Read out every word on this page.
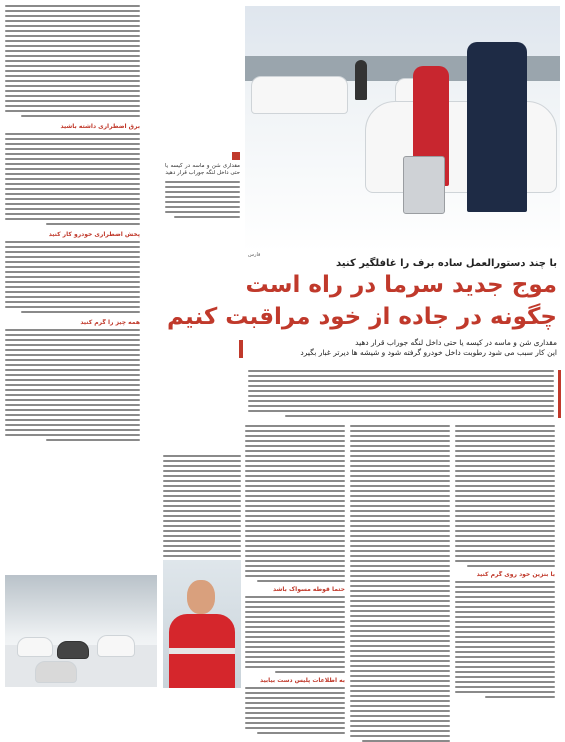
برق اضطراری داشته باشید
پخش اضطراری خودرو کار کنید
همه چیز را گرم کنید
فارس
مقداری شن و ماسه در کیسه یا حتی داخل لنگه جوراب قرار دهید
با چند دستورالعمل ساده برف را غافلگیر کنید
موج جدید سرما در راه است
چگونه در جاده از خود مراقبت کنیم
مقداری شن و ماسه در کیسه یا حتی داخل لنگه جوراب قرار دهید
این کار سبب می شود رطوبت داخل خودرو گرفته شود و شیشه ها دیرتر غبار بگیرد
با بنزین خود روی گرم کنید
حتما قوطه مسواک باشد
به اطلاعات پلیس دست بیابید
